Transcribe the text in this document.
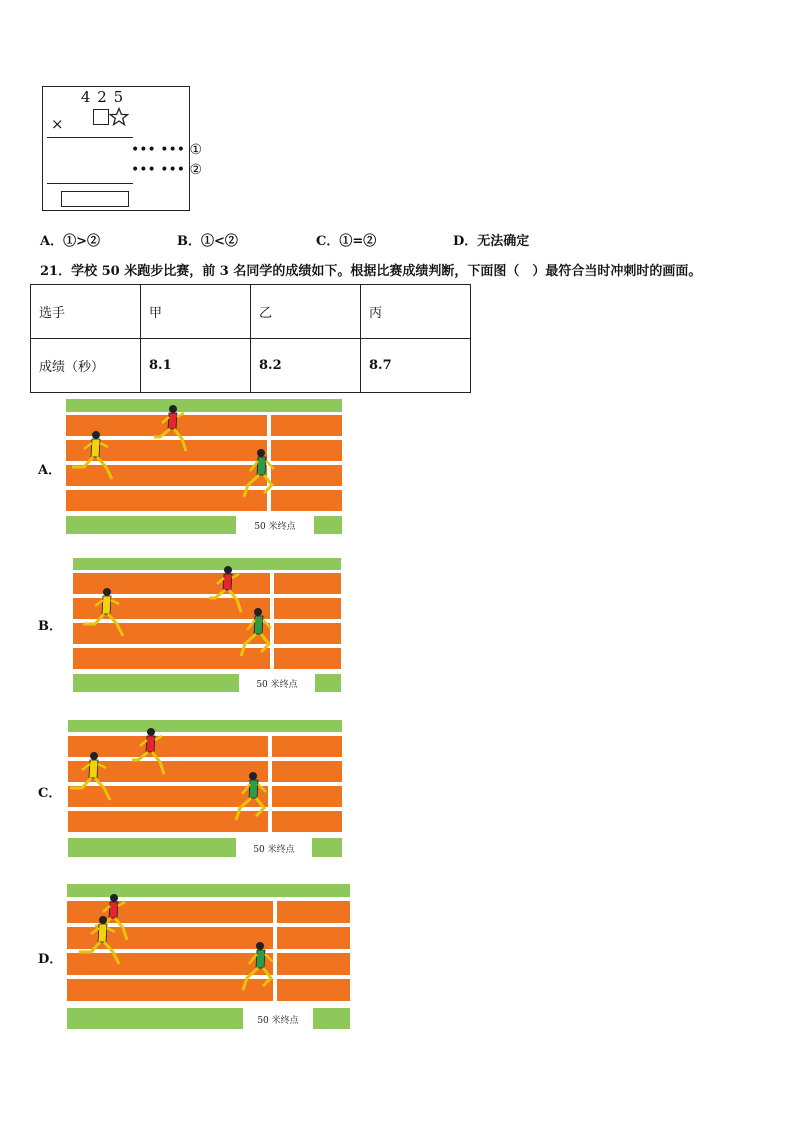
4 2 5
×
••• ••• ①
••• ••• ②
A．①>②	B．①<②	C．①=②	D．无法确定
21．学校 50 米跑步比赛，前 3 名同学的成绩如下。根据比赛成绩判断，下面图（　）最符合当时冲刺时的画面。
选手	甲	乙	丙
成绩（秒）	8.1	8.2	8.7
A．
B．
C．
D．
50 米终点
50 米终点
50 米终点
50 米终点
